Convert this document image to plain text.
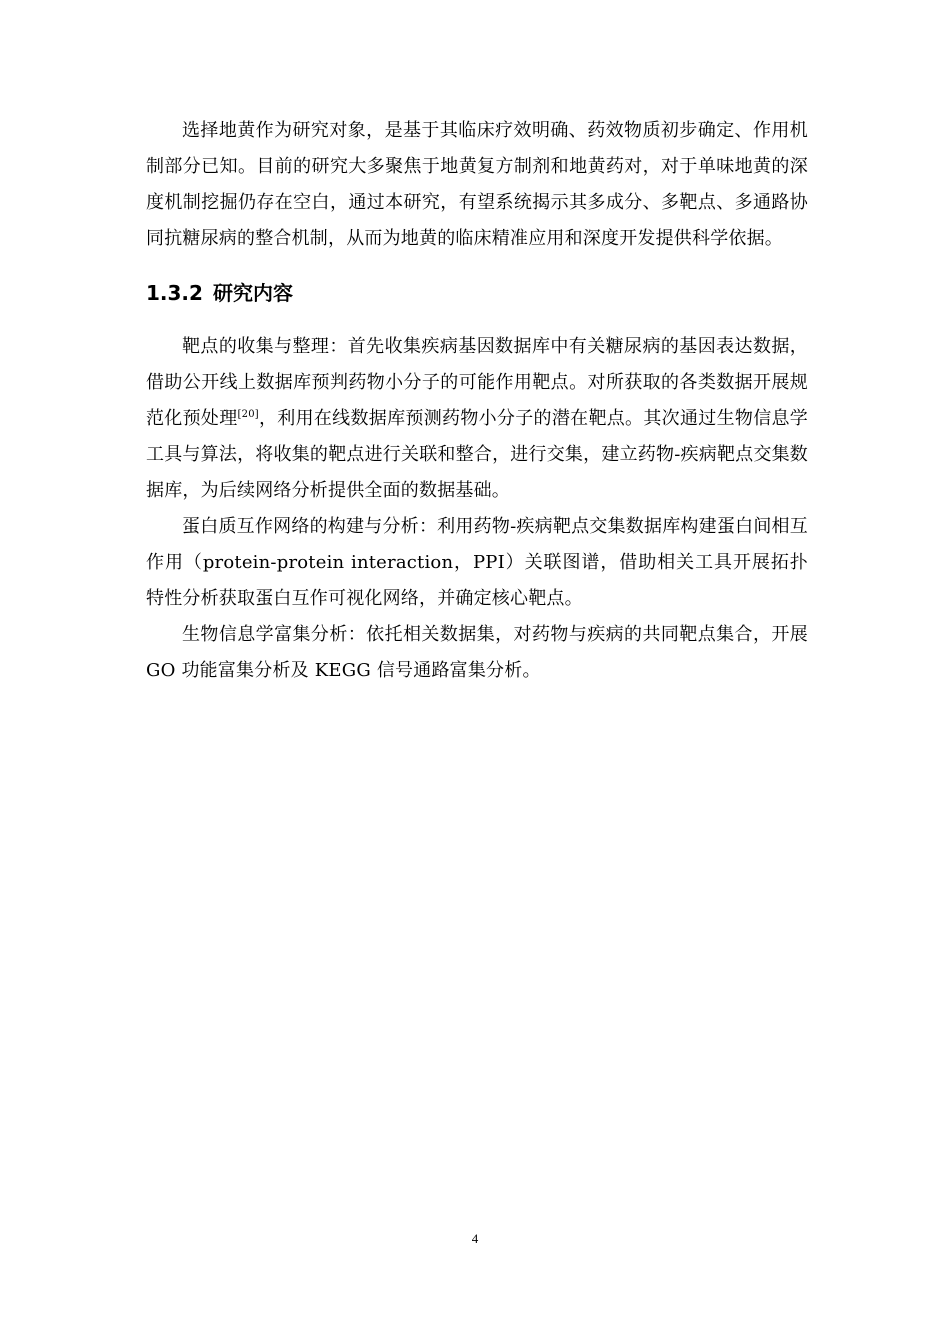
选择地黄作为研究对象，是基于其临床疗效明确、药效物质初步确定、作用机制部分已知。目前的研究大多聚焦于地黄复方制剂和地黄药对，对于单味地黄的深度机制挖掘仍存在空白，通过本研究，有望系统揭示其多成分、多靶点、多通路协同抗糖尿病的整合机制，从而为地黄的临床精准应用和深度开发提供科学依据。

1.3.2 研究内容

靶点的收集与整理：首先收集疾病基因数据库中有关糖尿病的基因表达数据，借助公开线上数据库预判药物小分子的可能作用靶点。对所获取的各类数据开展规范化预处理[20]，利用在线数据库预测药物小分子的潜在靶点。其次通过生物信息学工具与算法，将收集的靶点进行关联和整合，进行交集，建立药物-疾病靶点交集数据库，为后续网络分析提供全面的数据基础。

蛋白质互作网络的构建与分析：利用药物-疾病靶点交集数据库构建蛋白间相互作用（protein-protein interaction，PPI）关联图谱，借助相关工具开展拓扑特性分析获取蛋白互作可视化网络，并确定核心靶点。

生物信息学富集分析：依托相关数据集，对药物与疾病的共同靶点集合，开展 GO 功能富集分析及 KEGG 信号通路富集分析。

4
